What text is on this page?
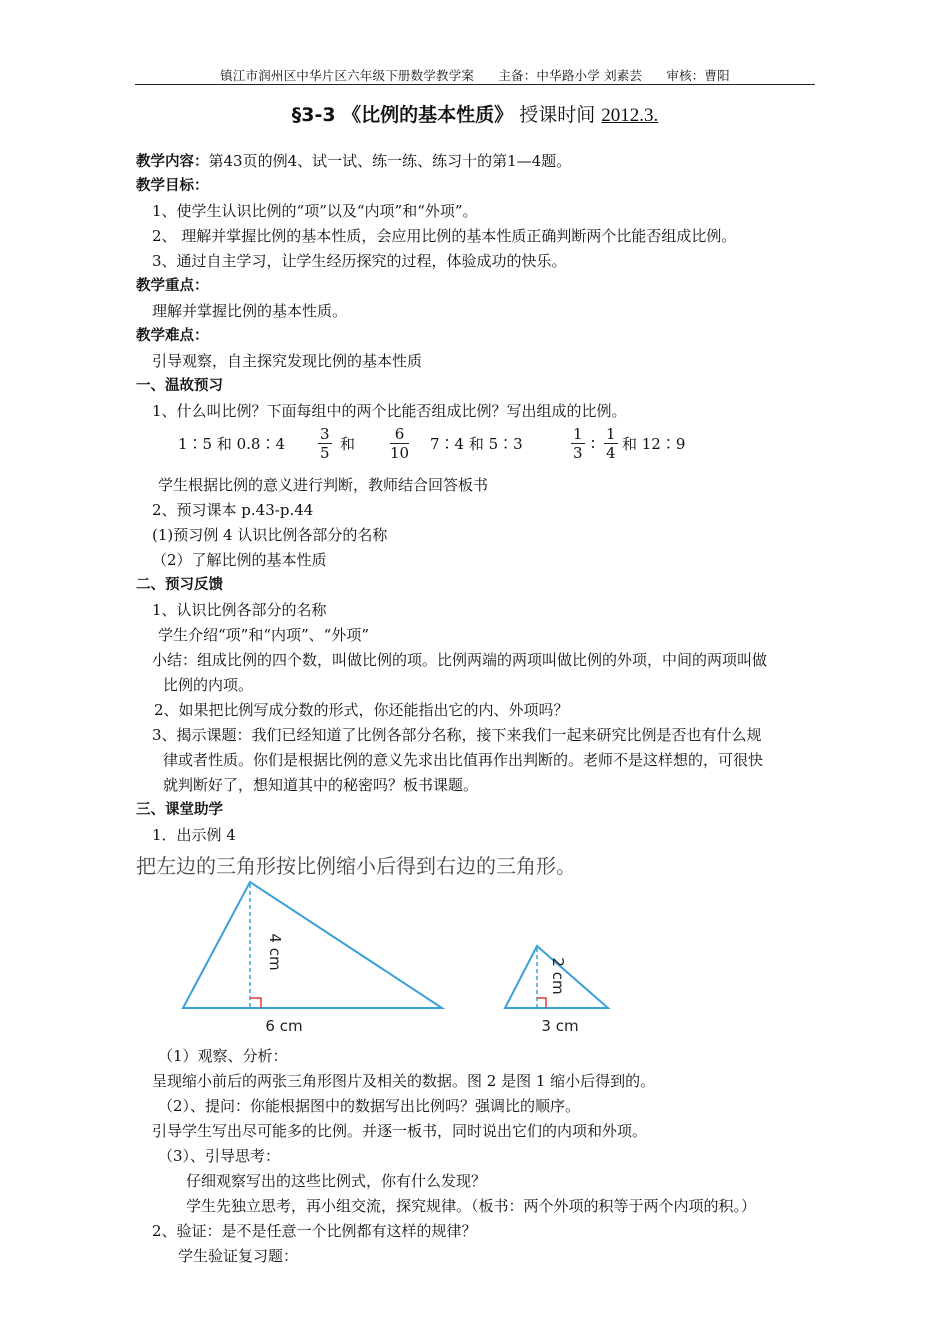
镇江市润州区中华片区六年级下册数学教学案 主备：中华路小学 刘素芸 审核：曹阳
§3-3 《比例的基本性质》 授课时间 2012.3.
教学内容：第43页的例4、试一试、练一练、练习十的第1—4题。
教学目标：
1、使学生认识比例的“项”以及“内项”和“外项”。
2、 理解并掌握比例的基本性质，会应用比例的基本性质正确判断两个比能否组成比例。
3、通过自主学习，让学生经历探究的过程，体验成功的快乐。
教学重点：
理解并掌握比例的基本性质。
教学难点：
引导观察，自主探究发现比例的基本性质
一、温故预习
1、什么叫比例？下面每组中的两个比能否组成比例？写出组成的比例。
1∶5 和 0.8∶4 $\frac{3}{5}$ 和 $\frac{6}{10}$ 7∶4 和 5∶3	$\frac{1}{3}$ ∶ $\frac{1}{4}$ 和 12∶9
学生根据比例的意义进行判断，教师结合回答板书
2、预习课本 p.43-p.44
(1)预习例 4 认识比例各部分的名称
（2）了解比例的基本性质
二、预习反馈
1、认识比例各部分的名称
学生介绍“项”和“内项”、“外项”
小结：组成比例的四个数，叫做比例的项。比例两端的两项叫做比例的外项，中间的两项叫做
比例的内项。
2、如果把比例写成分数的形式，你还能指出它的内、外项吗？
3、揭示课题：我们已经知道了比例各部分名称，接下来我们一起来研究比例是否也有什么规
律或者性质。你们是根据比例的意义先求出比值再作出判断的。老师不是这样想的，可很快
就判断好了，想知道其中的秘密吗？板书课题。
三、课堂助学
1．出示例 4
把左边的三角形按比例缩小后得到右边的三角形。
4 cm
6 cm
2 cm
3 cm
（1）观察、分析：
呈现缩小前后的两张三角形图片及相关的数据。图 2 是图 1 缩小后得到的。
（2）、提问：你能根据图中的数据写出比例吗？强调比的顺序。
引导学生写出尽可能多的比例。并逐一板书，同时说出它们的内项和外项。
（3）、引导思考：
仔细观察写出的这些比例式，你有什么发现？
学生先独立思考，再小组交流，探究规律。（板书：两个外项的积等于两个内项的积。）
2、验证：是不是任意一个比例都有这样的规律？
学生验证复习题：
